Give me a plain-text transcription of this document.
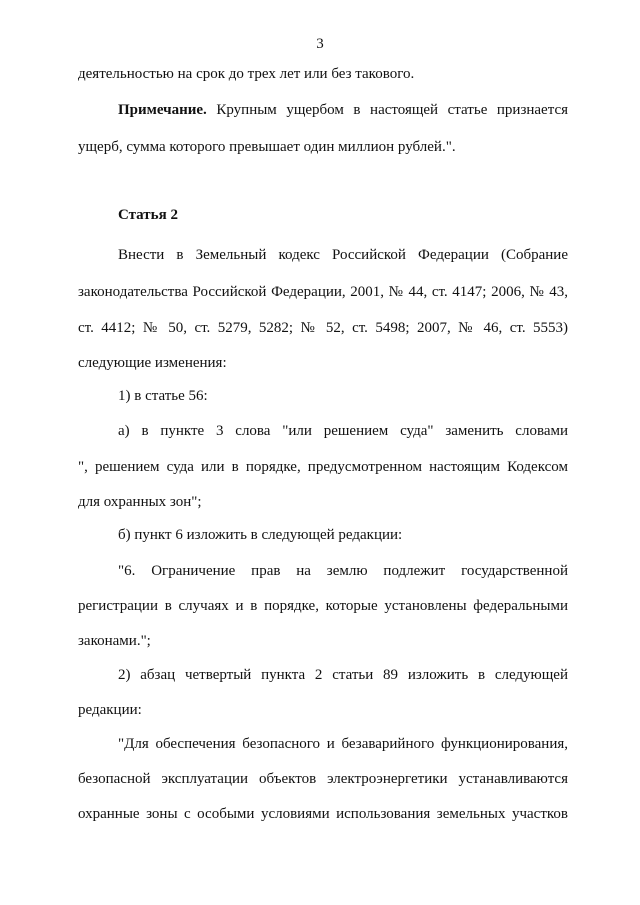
3
деятельностью на срок до трех лет или без такового.
Примечание. Крупным ущербом в настоящей статье признается
ущерб, сумма которого превышает один миллион рублей.".
Статья 2
Внести в Земельный кодекс Российской Федерации (Собрание
законодательства Российской Федерации, 2001, № 44, ст. 4147; 2006, № 43,
ст. 4412; № 50, ст. 5279, 5282; № 52, ст. 5498; 2007, № 46, ст. 5553)
следующие изменения:
1) в статье 56:
а) в пункте 3 слова "или решением суда" заменить словами
", решением суда или в порядке, предусмотренном настоящим Кодексом
для охранных зон";
б) пункт 6 изложить в следующей редакции:
"6. Ограничение прав на землю подлежит государственной
регистрации в случаях и в порядке, которые установлены федеральными
законами.";
2) абзац четвертый пункта 2 статьи 89 изложить в следующей
редакции:
"Для обеспечения безопасного и безаварийного функционирования,
безопасной эксплуатации объектов электроэнергетики устанавливаются
охранные зоны с особыми условиями использования земельных участков
